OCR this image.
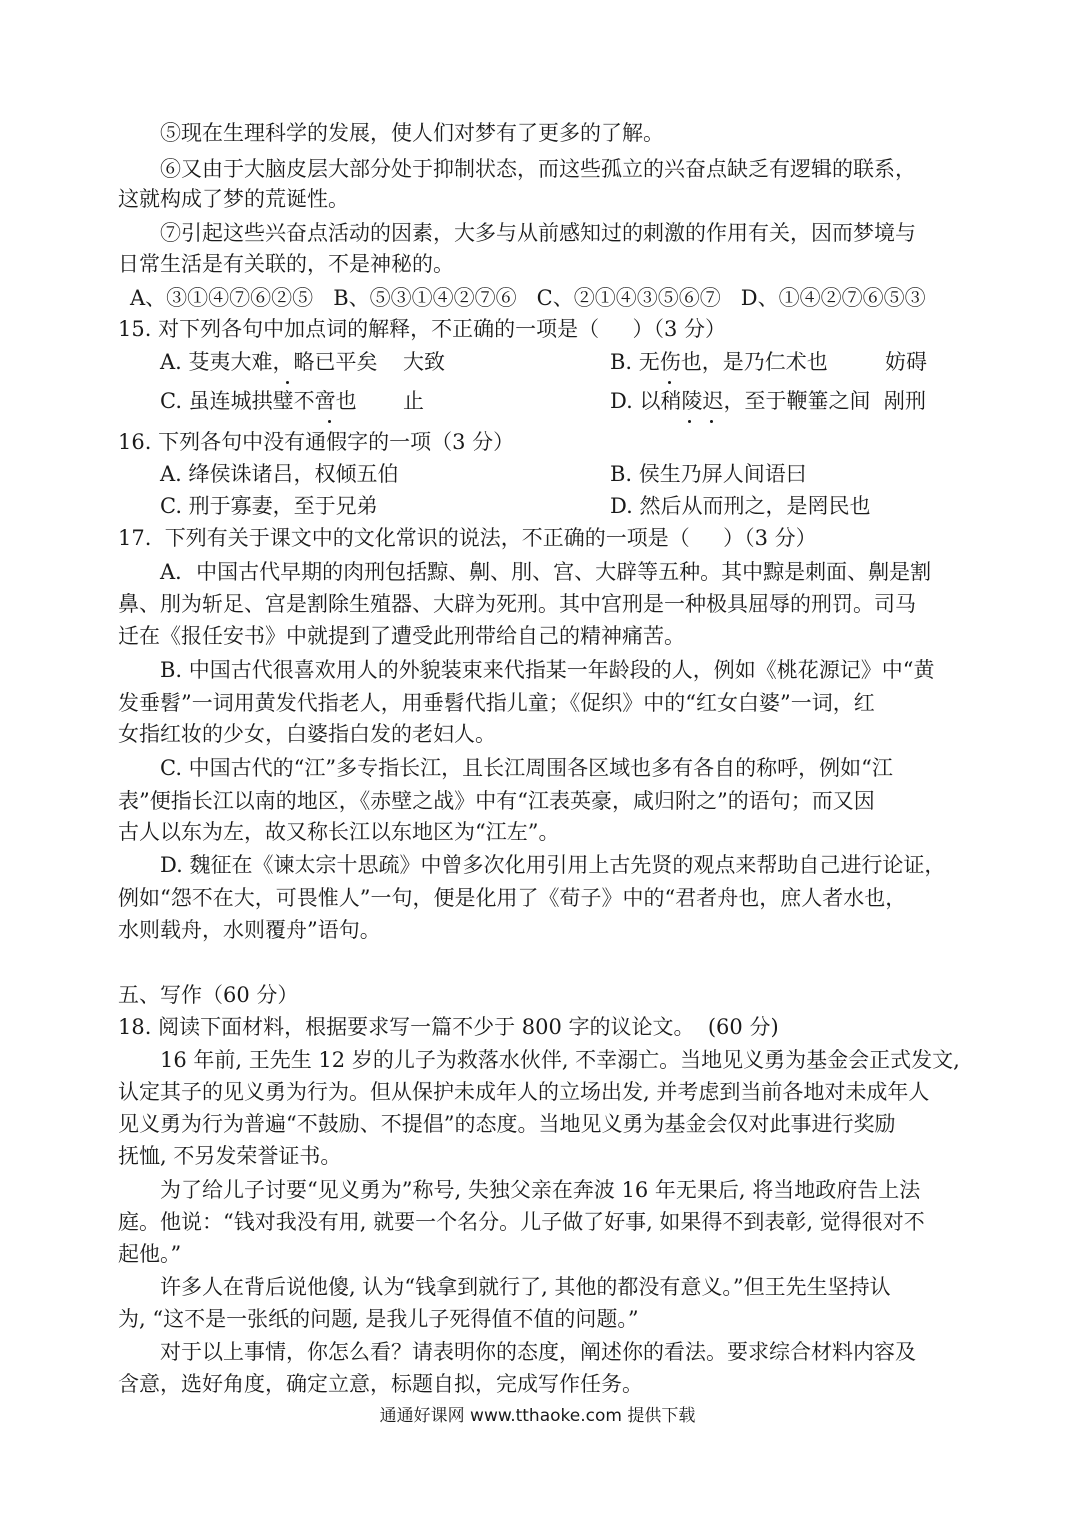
⑤现在生理科学的发展，使人们对梦有了更多的了解。
⑥又由于大脑皮层大部分处于抑制状态，而这些孤立的兴奋点缺乏有逻辑的联系，
这就构成了梦的荒诞性。
⑦引起这些兴奋点活动的因素，大多与从前感知过的刺激的作用有关，因而梦境与
日常生活是有关联的，不是神秘的。
A、③①④⑦⑥②⑤   B、⑤③①④②⑦⑥   C、②①④③⑤⑥⑦   D、①④②⑦⑥⑤③
15. 对下列各句中加点词的解释，不正确的一项是（     ）（3 分）
A. 芟夷大难，略已平矣 大致	B. 无伤也，是乃仁术也	妨碍
C. 虽连城拱璧不啻也 止	D. 以稍陵迟，至于鞭箠之间 剐刑
16. 下列各句中没有通假字的一项（3 分）
A. 绛侯诛诸吕，权倾五伯	B. 侯生乃屏人间语曰
C. 刑于寡妻，至于兄弟	D. 然后从而刑之，是罔民也
17.  下列有关于课文中的文化常识的说法，不正确的一项是（     ）（3 分）
A．中国古代早期的肉刑包括黥、劓、刖、宫、大辟等五种。其中黥是刺面、劓是割
鼻、刖为斩足、宫是割除生殖器、大辟为死刑。其中宫刑是一种极具屈辱的刑罚。司马
迁在《报任安书》中就提到了遭受此刑带给自己的精神痛苦。
B. 中国古代很喜欢用人的外貌装束来代指某一年龄段的人，例如《桃花源记》中“黄
发垂髫”一词用黄发代指老人，用垂髫代指儿童；《促织》中的“红女白婆”一词，红
女指红妆的少女，白婆指白发的老妇人。
C. 中国古代的“江”多专指长江，且长江周围各区域也多有各自的称呼，例如“江
表”便指长江以南的地区，《赤壁之战》中有“江表英豪，咸归附之”的语句；而又因
古人以东为左，故又称长江以东地区为“江左”。
D. 魏征在《谏太宗十思疏》中曾多次化用引用上古先贤的观点来帮助自己进行论证，
例如“怨不在大，可畏惟人”一句，便是化用了《荀子》中的“君者舟也，庶人者水也，
水则载舟，水则覆舟”语句。
五、写作（60 分）
18. 阅读下面材料，根据要求写一篇不少于 800 字的议论文。  (60 分)
16 年前, 王先生 12 岁的儿子为救落水伙伴, 不幸溺亡。当地见义勇为基金会正式发文,
认定其子的见义勇为行为。但从保护未成年人的立场出发, 并考虑到当前各地对未成年人
见义勇为行为普遍“不鼓励、不提倡”的态度。当地见义勇为基金会仅对此事进行奖励
抚恤, 不另发荣誉证书。
为了给儿子讨要“见义勇为”称号, 失独父亲在奔波 16 年无果后, 将当地政府告上法
庭。他说：“钱对我没有用, 就要一个名分。儿子做了好事, 如果得不到表彰, 觉得很对不
起他。”
许多人在背后说他傻, 认为“钱拿到就行了, 其他的都没有意义。”但王先生坚持认
为, “这不是一张纸的问题, 是我儿子死得值不值的问题。”
对于以上事情，你怎么看？请表明你的态度，阐述你的看法。要求综合材料内容及
含意，选好角度，确定立意，标题自拟，完成写作任务。
通通好课网 www.tthaoke.com 提供下载
